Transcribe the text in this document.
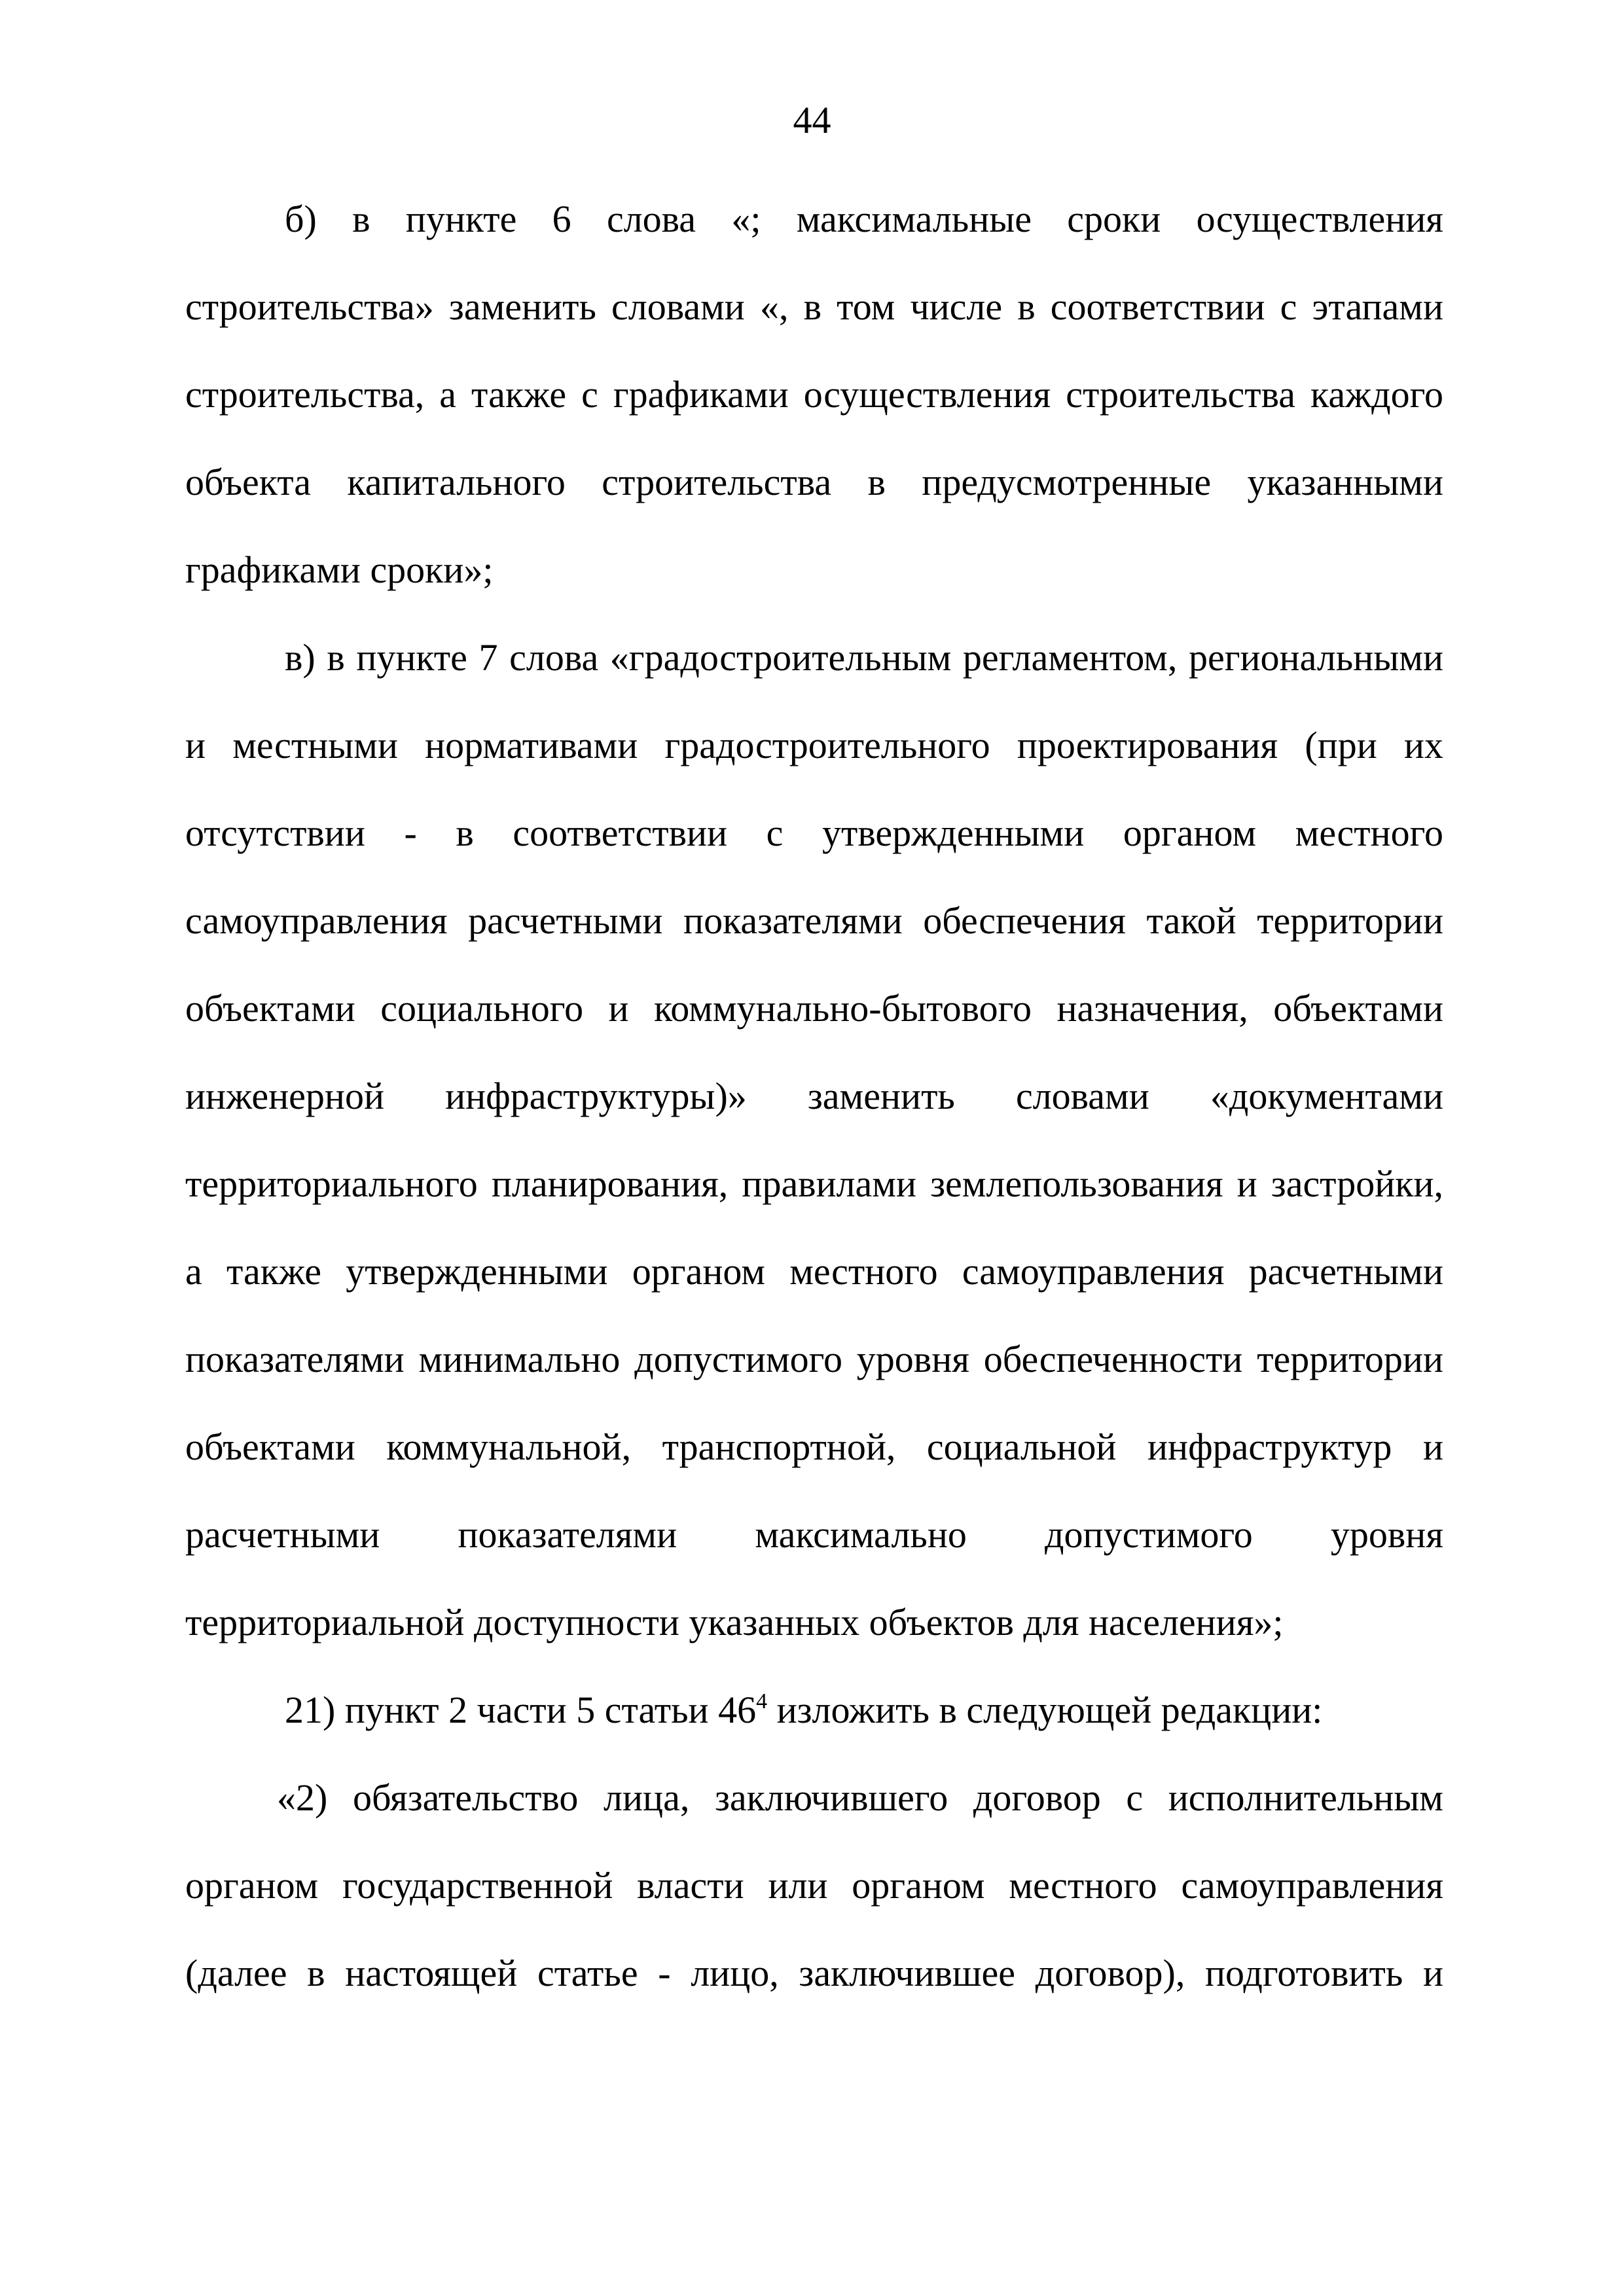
44
б) в пункте 6 слова «; максимальные сроки осуществления
строительства» заменить словами «, в том числе в соответствии с этапами
строительства, а также с графиками осуществления строительства каждого
объекта капитального строительства в предусмотренные указанными
графиками сроки»;
в) в пункте 7 слова «градостроительным регламентом, региональными
и местными нормативами градостроительного проектирования (при их
отсутствии - в соответствии с утвержденными органом местного
самоуправления расчетными показателями обеспечения такой территории
объектами социального и коммунально-бытового назначения, объектами
инженерной инфраструктуры)» заменить словами «документами
территориального планирования, правилами землепользования и застройки,
а также утвержденными органом местного самоуправления расчетными
показателями минимально допустимого уровня обеспеченности территории
объектами коммунальной, транспортной, социальной инфраструктур и
расчетными показателями максимально допустимого уровня
территориальной доступности указанных объектов для населения»;
21) пункт 2 части 5 статьи $46^4$ изложить в следующей редакции:
«2) обязательство лица, заключившего договор с исполнительным
органом государственной власти или органом местного самоуправления
(далее в настоящей статье - лицо, заключившее договор), подготовить и
